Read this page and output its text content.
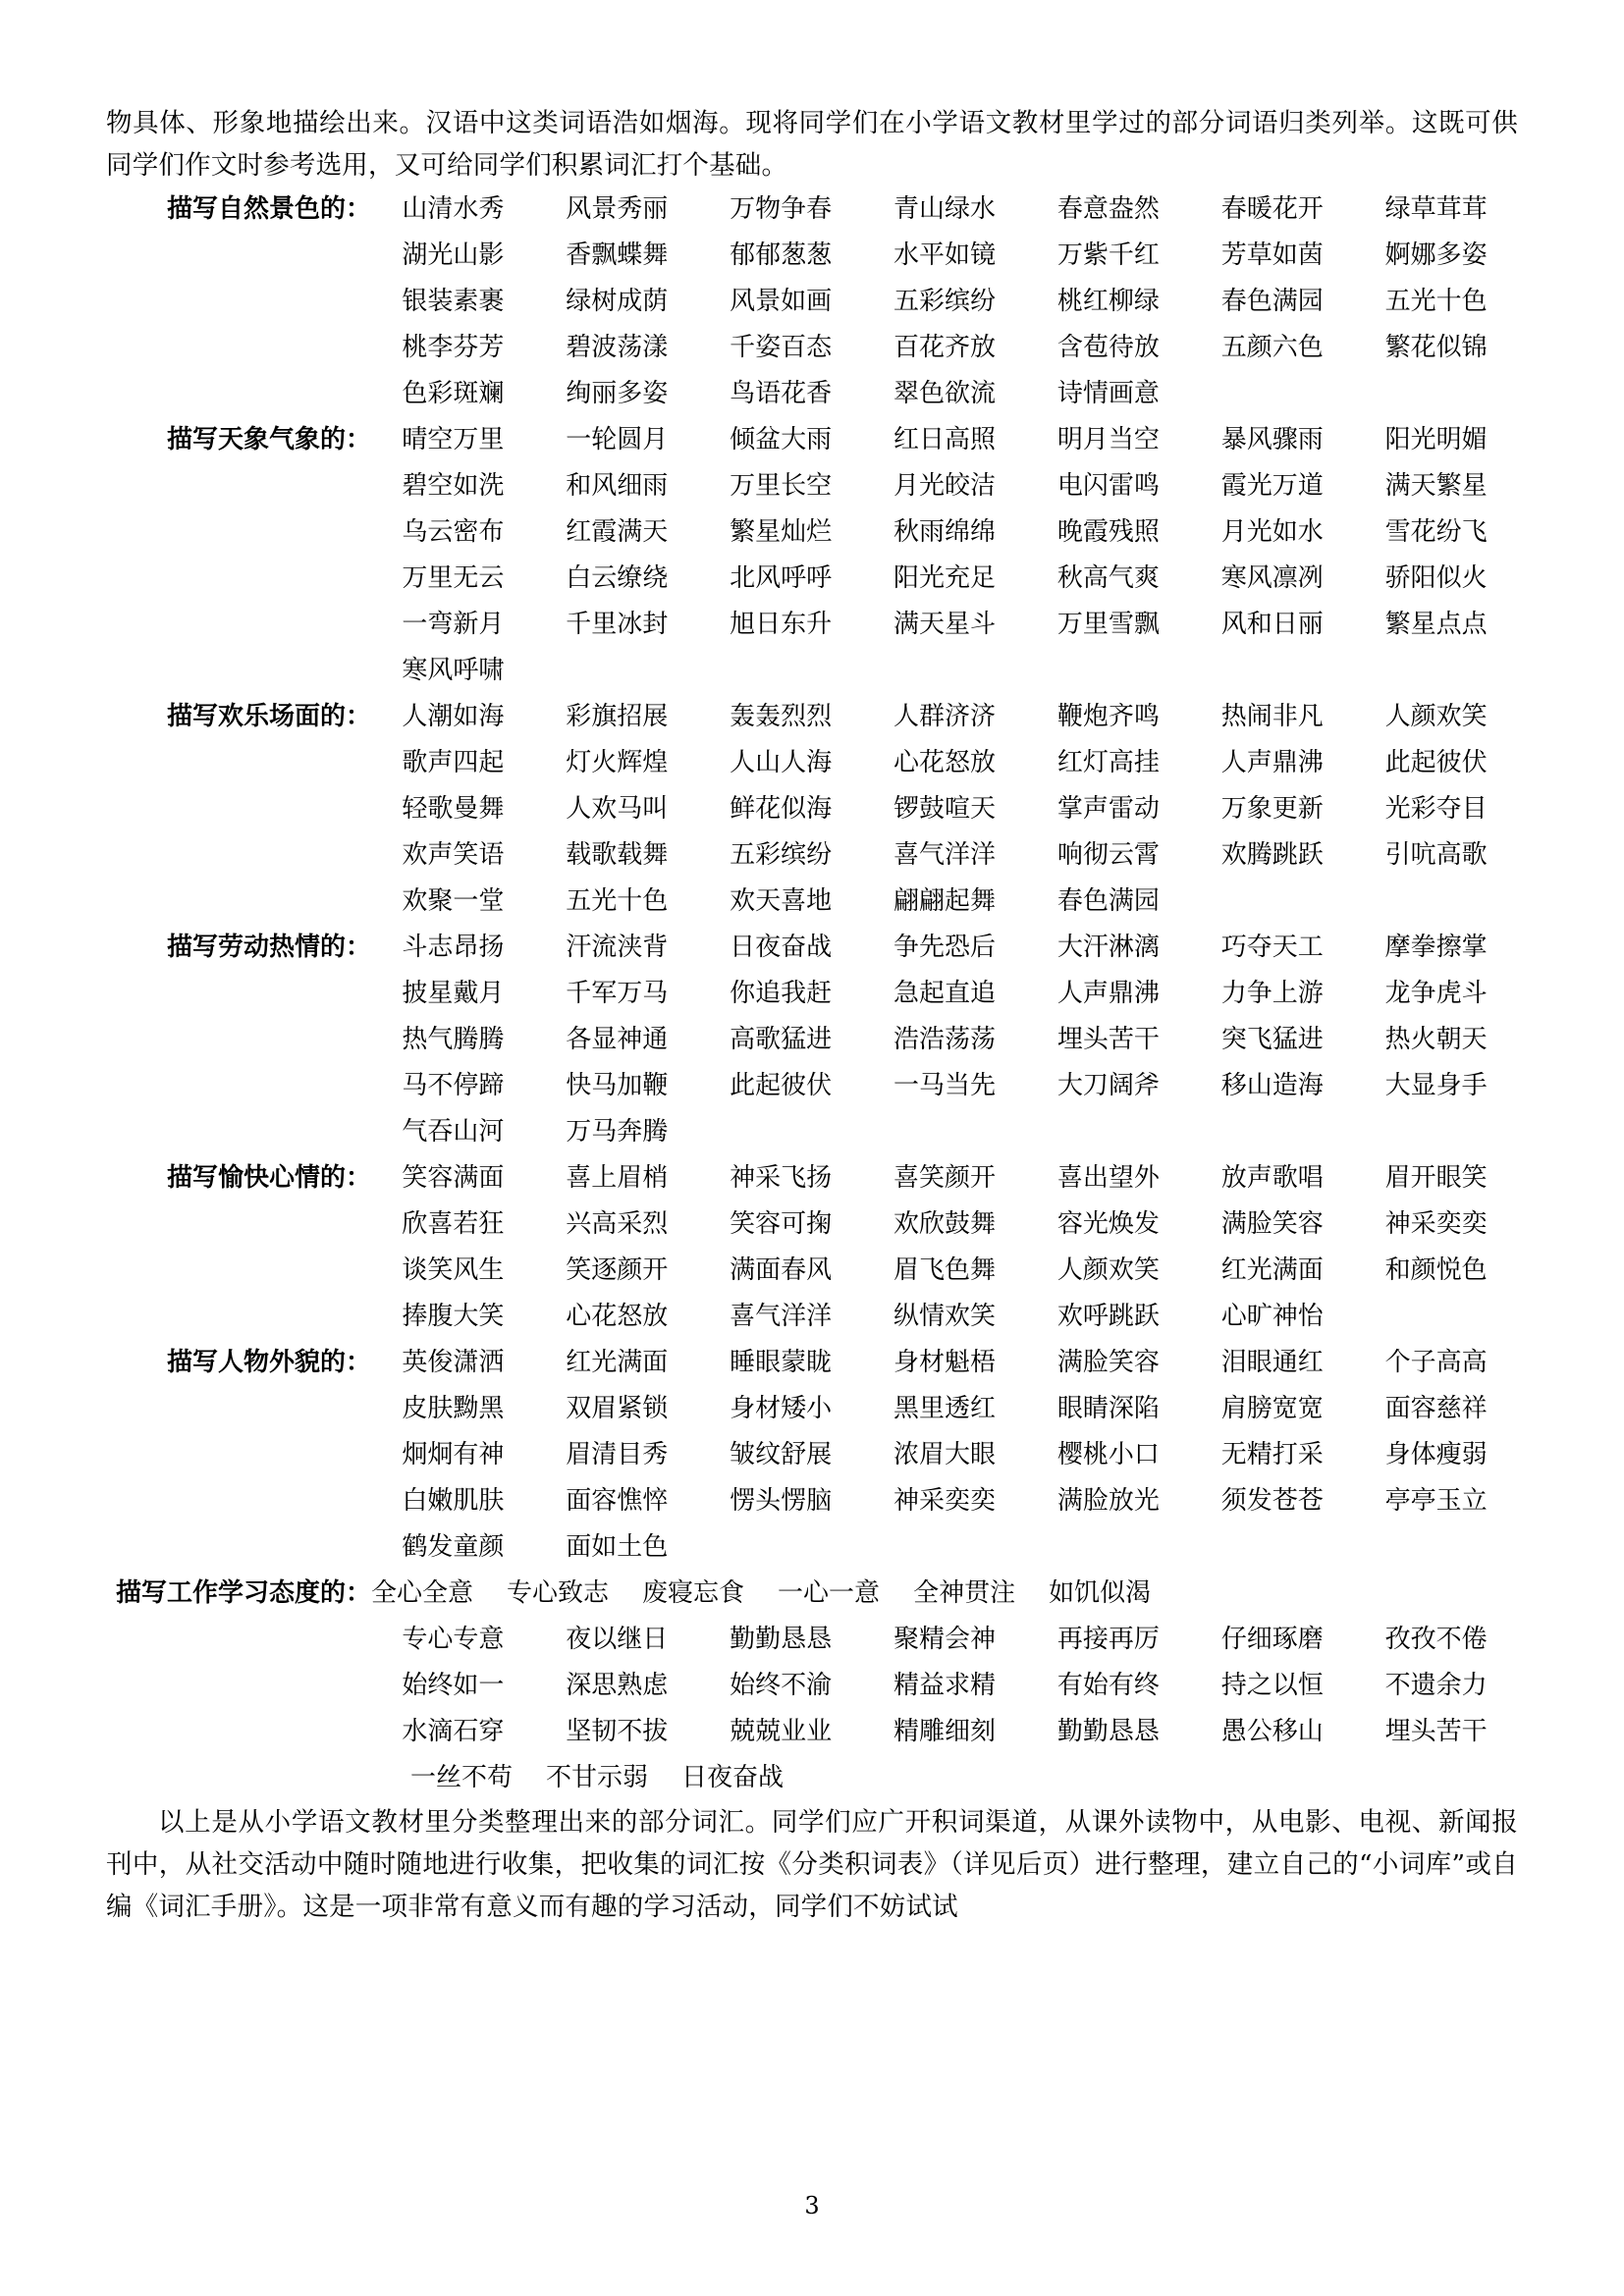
物具体、形象地描绘出来。汉语中这类词语浩如烟海。现将同学们在小学语文教材里学过的部分词语归类列举。这既可供同学们作文时参考选用，又可给同学们积累词汇打个基础。

描写自然景色的：	山清水秀	风景秀丽	万物争春	青山绿水	春意盎然	春暖花开	绿草茸茸
湖光山影	香飘蝶舞	郁郁葱葱	水平如镜	万紫千红	芳草如茵	婀娜多姿
银装素裹	绿树成荫	风景如画	五彩缤纷	桃红柳绿	春色满园	五光十色
桃李芬芳	碧波荡漾	千姿百态	百花齐放	含苞待放	五颜六色	繁花似锦
色彩斑斓	绚丽多姿	鸟语花香	翠色欲流	诗情画意

描写天象气象的：	晴空万里	一轮圆月	倾盆大雨	红日高照	明月当空	暴风骤雨	阳光明媚
碧空如洗	和风细雨	万里长空	月光皎洁	电闪雷鸣	霞光万道	满天繁星
乌云密布	红霞满天	繁星灿烂	秋雨绵绵	晚霞残照	月光如水	雪花纷飞
万里无云	白云缭绕	北风呼呼	阳光充足	秋高气爽	寒风凛冽	骄阳似火
一弯新月	千里冰封	旭日东升	满天星斗	万里雪飘	风和日丽	繁星点点
寒风呼啸

描写欢乐场面的：	人潮如海	彩旗招展	轰轰烈烈	人群济济	鞭炮齐鸣	热闹非凡	人颜欢笑
歌声四起	灯火辉煌	人山人海	心花怒放	红灯高挂	人声鼎沸	此起彼伏
轻歌曼舞	人欢马叫	鲜花似海	锣鼓喧天	掌声雷动	万象更新	光彩夺目
欢声笑语	载歌载舞	五彩缤纷	喜气洋洋	响彻云霄	欢腾跳跃	引吭高歌
欢聚一堂	五光十色	欢天喜地	翩翩起舞	春色满园

描写劳动热情的：	斗志昂扬	汗流浃背	日夜奋战	争先恐后	大汗淋漓	巧夺天工	摩拳擦掌
披星戴月	千军万马	你追我赶	急起直追	人声鼎沸	力争上游	龙争虎斗
热气腾腾	各显神通	高歌猛进	浩浩荡荡	埋头苦干	突飞猛进	热火朝天
马不停蹄	快马加鞭	此起彼伏	一马当先	大刀阔斧	移山造海	大显身手
气吞山河	万马奔腾

描写愉快心情的：	笑容满面	喜上眉梢	神采飞扬	喜笑颜开	喜出望外	放声歌唱	眉开眼笑
欣喜若狂	兴高采烈	笑容可掬	欢欣鼓舞	容光焕发	满脸笑容	神采奕奕
谈笑风生	笑逐颜开	满面春风	眉飞色舞	人颜欢笑	红光满面	和颜悦色
捧腹大笑	心花怒放	喜气洋洋	纵情欢笑	欢呼跳跃	心旷神怡

描写人物外貌的：	英俊潇洒	红光满面	睡眼蒙眬	身材魁梧	满脸笑容	泪眼通红	个子高高
皮肤黝黑	双眉紧锁	身材矮小	黑里透红	眼睛深陷	肩膀宽宽	面容慈祥
炯炯有神	眉清目秀	皱纹舒展	浓眉大眼	樱桃小口	无精打采	身体瘦弱
白嫩肌肤	面容憔悴	愣头愣脑	神采奕奕	满脸放光	须发苍苍	亭亭玉立
鹤发童颜	面如土色

描写工作学习态度的： 全心全意 专心致志 废寝忘食 一心一意 全神贯注 如饥似渴
专心专意	夜以继日	勤勤恳恳	聚精会神	再接再厉	仔细琢磨	孜孜不倦
始终如一	深思熟虑	始终不渝	精益求精	有始有终	持之以恒	不遗余力
水滴石穿	坚韧不拔	兢兢业业	精雕细刻	勤勤恳恳	愚公移山	埋头苦干
一丝不苟 不甘示弱 日夜奋战

以上是从小学语文教材里分类整理出来的部分词汇。同学们应广开积词渠道，从课外读物中，从电影、电视、新闻报刊中，从社交活动中随时随地进行收集，把收集的词汇按《分类积词表》（详见后页）进行整理，建立自己的“小词库”或自编《词汇手册》。这是一项非常有意义而有趣的学习活动，同学们不妨试试

3
